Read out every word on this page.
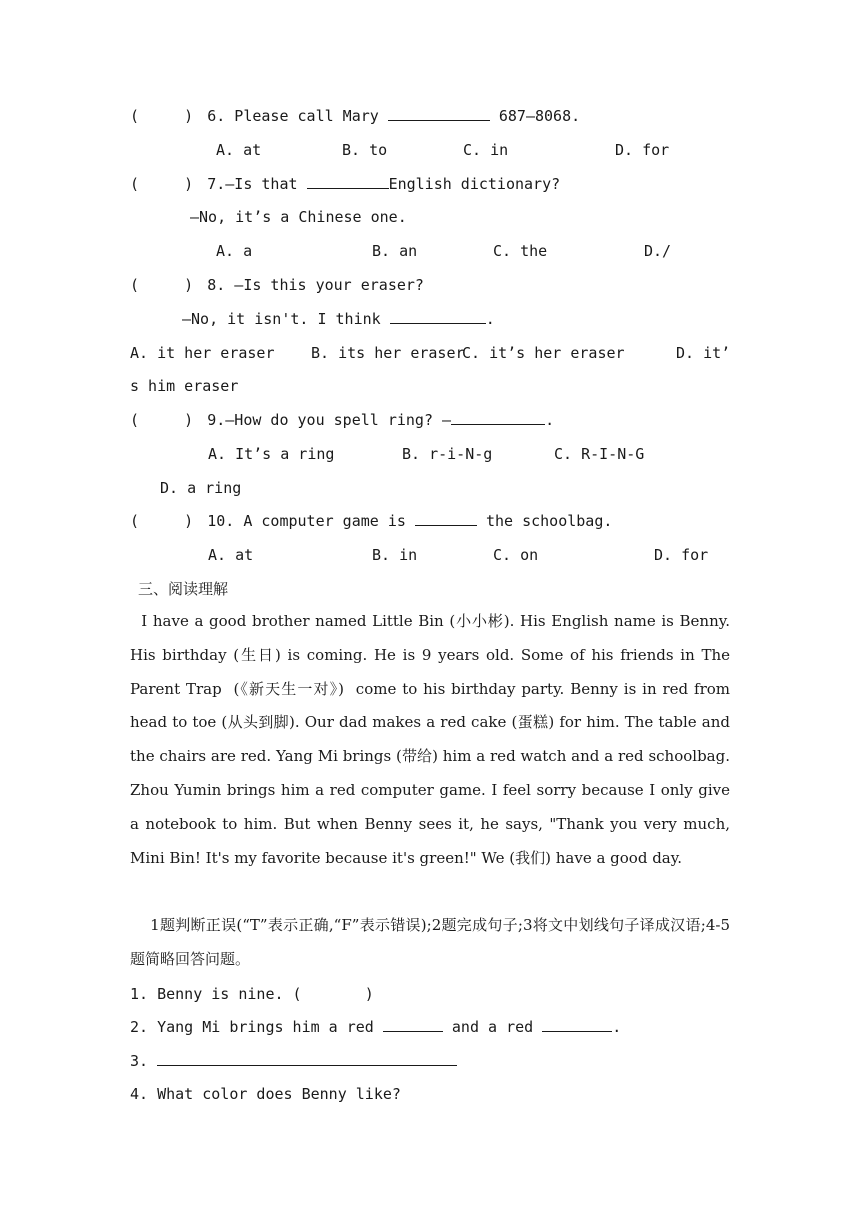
(     ) 6. Please call Mary	687—8068.
A. at	B. to	C. in	D. for
(     ) 7.—Is that	English dictionary?
—No, it’s a Chinese one.
A. a	B. an	C. the	D./
(     ) 8. —Is this your eraser?
—No, it isn't. I think	.
A. it her eraser B. its her eraser
C. it’s her eraser	D. it’
s him eraser
(     ) 9.—How do you spell ring? —	.
A. It’s a ring	B. r-i-N-g	C. R-I-N-G
D. a ring
(     ) 10. A computer game is	the schoolbag.
A. at	B. in	C. on	D. for
三、阅读理解
I have a good brother named Little Bin (小小彬). His English name is Benny. His birthday (生日) is coming. He is 9 years old. Some of his friends in The Parent Trap  (《新天生一对》)  come to his birthday party. Benny is in red from head to toe (从头到脚). Our dad makes a red cake (蛋糕) for him. The table and the chairs are red. Yang Mi brings (带给) him a red watch and a red schoolbag. Zhou Yumin brings him a red computer game. I feel sorry because I only give a notebook to him. But when Benny sees it, he says, "Thank you very much, Mini Bin! It's my favorite because it's green!" We (我们) have a good day.
1题判断正误(“T”表示正确,“F”表示错误);2题完成句子;3将文中划线句子译成汉语;4-5题简略回答问题。
1. Benny is nine. (       )
2. Yang Mi brings him a red	and a red	.
3.
4. What color does Benny like?
